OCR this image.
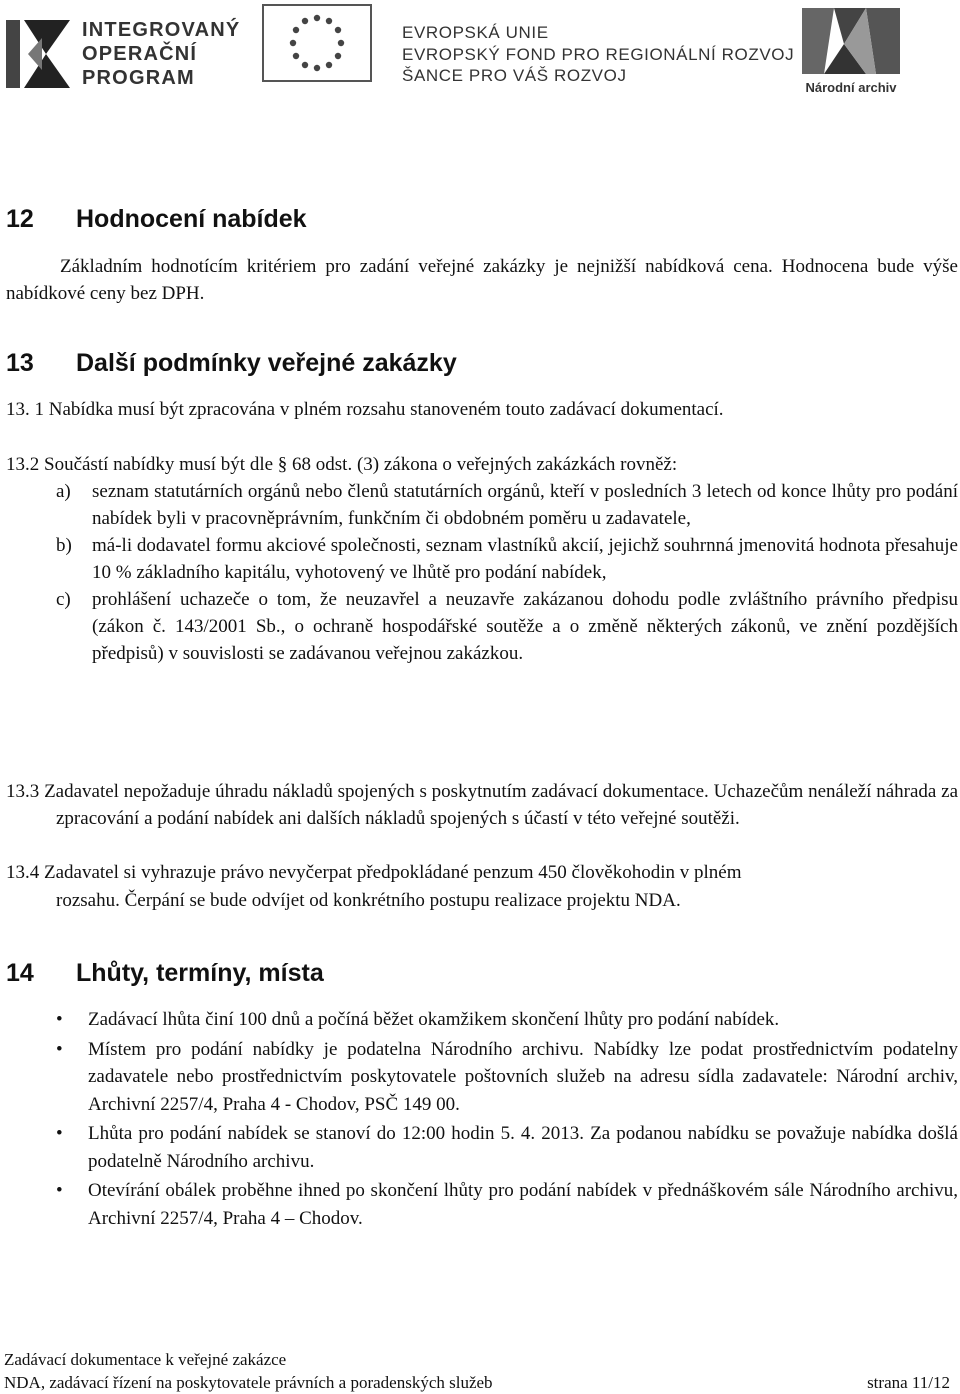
INTEGROVANÝ
OPERAČNÍ
PROGRAM
EVROPSKÁ UNIE
EVROPSKÝ FOND PRO REGIONÁLNÍ ROZVOJ
ŠANCE PRO VÁŠ ROZVOJ
Národní archiv
12 Hodnocení nabídek
Základním hodnotícím kritériem pro zadání veřejné zakázky je nejnižší nabídková cena. Hodnocena bude výše nabídkové ceny bez DPH.
13 Další podmínky veřejné zakázky
13. 1 Nabídka musí být zpracována v plném rozsahu stanoveném touto zadávací dokumentací.
13.2 Součástí nabídky musí být dle § 68 odst. (3) zákona o veřejných zakázkách rovněž:
a) seznam statutárních orgánů nebo členů statutárních orgánů, kteří v posledních 3 letech od konce lhůty pro podání nabídek byli v pracovněprávním, funkčním či obdobném poměru u zadavatele,
b) má-li dodavatel formu akciové společnosti, seznam vlastníků akcií, jejichž souhrnná jmenovitá hodnota přesahuje 10 % základního kapitálu, vyhotovený ve lhůtě pro podání nabídek,
c) prohlášení uchazeče o tom, že neuzavřel a neuzavře zakázanou dohodu podle zvláštního právního předpisu (zákon č. 143/2001 Sb., o ochraně hospodářské soutěže a o změně některých zákonů, ve znění pozdějších předpisů) v souvislosti se zadávanou veřejnou zakázkou.
13.3 Zadavatel nepožaduje úhradu nákladů spojených s poskytnutím zadávací dokumentace. Uchazečům nenáleží náhrada za zpracování a podání nabídek ani dalších nákladů spojených s účastí v této veřejné soutěži.
13.4 Zadavatel si vyhrazuje právo nevyčerpat předpokládané penzum 450 člověkohodin v plném
rozsahu. Čerpání se bude odvíjet od konkrétního postupu realizace projektu NDA.
14 Lhůty, termíny, místa
• Zadávací lhůta činí 100 dnů a počíná běžet okamžikem skončení lhůty pro podání nabídek.
• Místem pro podání nabídky je podatelna Národního archivu. Nabídky lze podat prostřednictvím podatelny zadavatele nebo prostřednictvím poskytovatele poštovních služeb na adresu sídla zadavatele: Národní archiv, Archivní 2257/4, Praha 4 - Chodov, PSČ 149 00.
• Lhůta pro podání nabídek se stanoví do 12:00 hodin 5. 4. 2013. Za podanou nabídku se považuje nabídka došlá podatelně Národního archivu.
• Otevírání obálek proběhne ihned po skončení lhůty pro podání nabídek v přednáškovém sále Národního archivu, Archivní 2257/4, Praha 4 – Chodov.
Zadávací dokumentace k veřejné zakázce
NDA, zadávací řízení na poskytovatele právních a poradenských služeb	strana 11/12
